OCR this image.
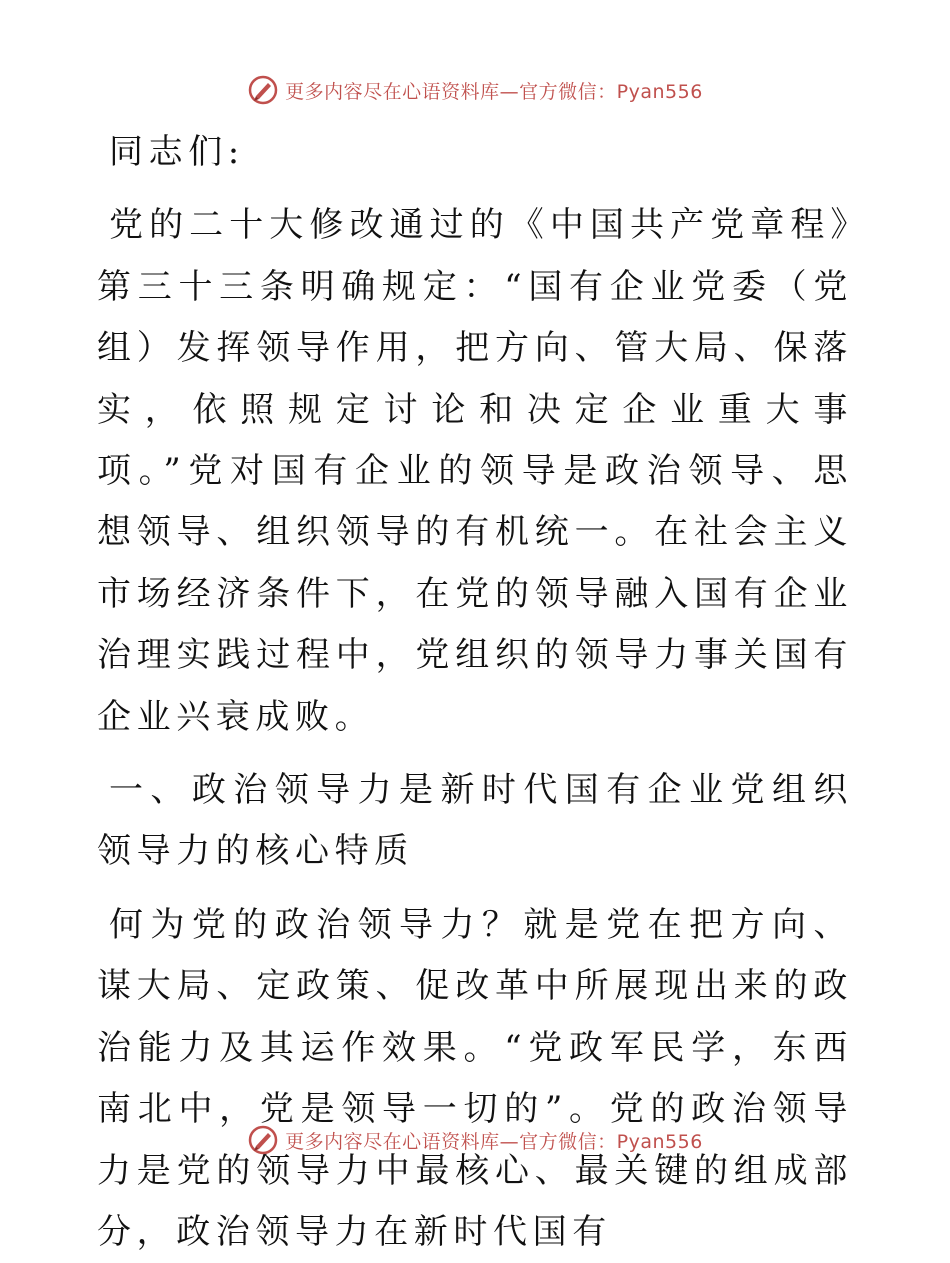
更多内容尽在心语资料库—官方微信：Pyan556

同志们:

党的二十大修改通过的《中国共产党章程》第三十三条明确规定：“国有企业党委（党组）发挥领导作用，把方向、管大局、保落实，依照规定讨论和决定企业重大事项。”党对国有企业的领导是政治领导、思想领导、组织领导的有机统一。在社会主义市场经济条件下，在党的领导融入国有企业治理实践过程中，党组织的领导力事关国有企业兴衰成败。

一、政治领导力是新时代国有企业党组织领导力的核心特质

何为党的政治领导力？就是党在把方向、谋大局、定政策、促改革中所展现出来的政治能力及其运作效果。“党政军民学，东西南北中，党是领导一切的”。党的政治领导力是党的领导力中最核心、最关键的组成部分，政治领导力在新时代国有

更多内容尽在心语资料库—官方微信：Pyan556
